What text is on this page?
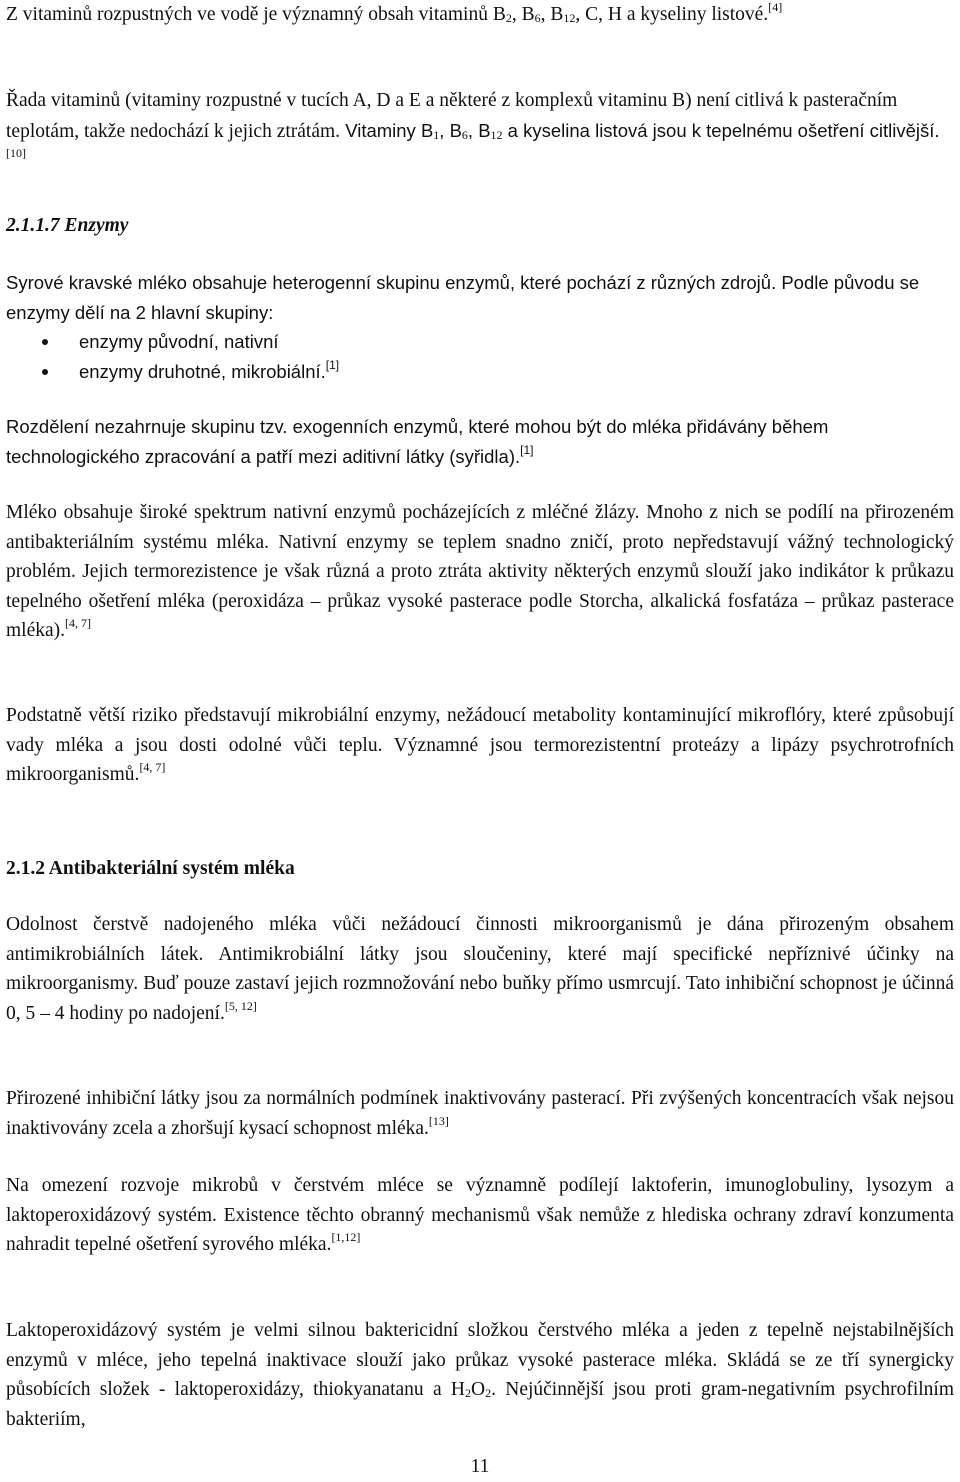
Z vitaminů rozpustných ve vodě je významný obsah vitaminů $B_2$, $B_6$, $B_{12}$, C, H a kyseliny listové.[4]
Řada vitaminů (vitaminy rozpustné v tucích A, D a E a některé z komplexů vitaminu B) není citlivá k pasteračním teplotám, takže nedochází k jejich ztrátám. Vitaminy $B_1$, $B_6$, $B_{12}$ a kyselina listová jsou k tepelnému ošetření citlivější.[10]
2.1.1.7 Enzymy
Syrové kravské mléko obsahuje heterogenní skupinu enzymů, které pochází z různých zdrojů. Podle původu se enzymy dělí na 2 hlavní skupiny:
enzymy původní, nativní
enzymy druhotné, mikrobiální.[1]
Rozdělení nezahrnuje skupinu tzv. exogenních enzymů, které mohou být do mléka přidávány během technologického zpracování a patří mezi aditivní látky (syřidla).[1]
Mléko obsahuje široké spektrum nativní enzymů pocházejících z mléčné žlázy. Mnoho z nich se podílí na přirozeném antibakteriálním systému mléka. Nativní enzymy se teplem snadno zničí, proto nepředstavují vážný technologický problém. Jejich termorezistence je však různá a proto ztráta aktivity některých enzymů slouží jako indikátor k průkazu tepelného ošetření mléka (peroxidáza – průkaz vysoké pasterace podle Storcha, alkalická fosfatáza – průkaz pasterace mléka).[4, 7]
Podstatně větší riziko představují mikrobiální enzymy, nežádoucí metabolity kontaminující mikroflóry, které způsobují vady mléka a jsou dosti odolné vůči teplu. Významné jsou termorezistentní proteázy a lipázy psychrotrofních mikroorganismů.[4, 7]
2.1.2 Antibakteriální systém mléka
Odolnost čerstvě nadojeného mléka vůči nežádoucí činnosti mikroorganismů je dána přirozeným obsahem antimikrobiálních látek. Antimikrobiální látky jsou sloučeniny, které mají specifické nepříznivé účinky na mikroorganismy. Buď pouze zastaví jejich rozmnožování nebo buňky přímo usmrcují. Tato inhibiční schopnost je účinná 0, 5 – 4 hodiny po nadojení.[5, 12]
Přirozené inhibiční látky jsou za normálních podmínek inaktivovány pasterací. Při zvýšených koncentracích však nejsou inaktivovány zcela a zhoršují kysací schopnost mléka.[13]
Na omezení rozvoje mikrobů v čerstvém mléce se významně podílejí laktoferin, imunoglobuliny, lysozym a laktoperoxidázový systém. Existence těchto obranný mechanismů však nemůže z hlediska ochrany zdraví konzumenta nahradit tepelné ošetření syrového mléka.[1,12]
Laktoperoxidázový systém je velmi silnou baktericidní složkou čerstvého mléka a jeden z tepelně nejstabilnějších enzymů v mléce, jeho tepelná inaktivace slouží jako průkaz vysoké pasterace mléka. Skládá se ze tří synergicky působících složek - laktoperoxidázy, thiokyanatanu a $H_2O_2$. Nejúčinnější jsou proti gram-negativním psychrofilním bakteriím,
11
